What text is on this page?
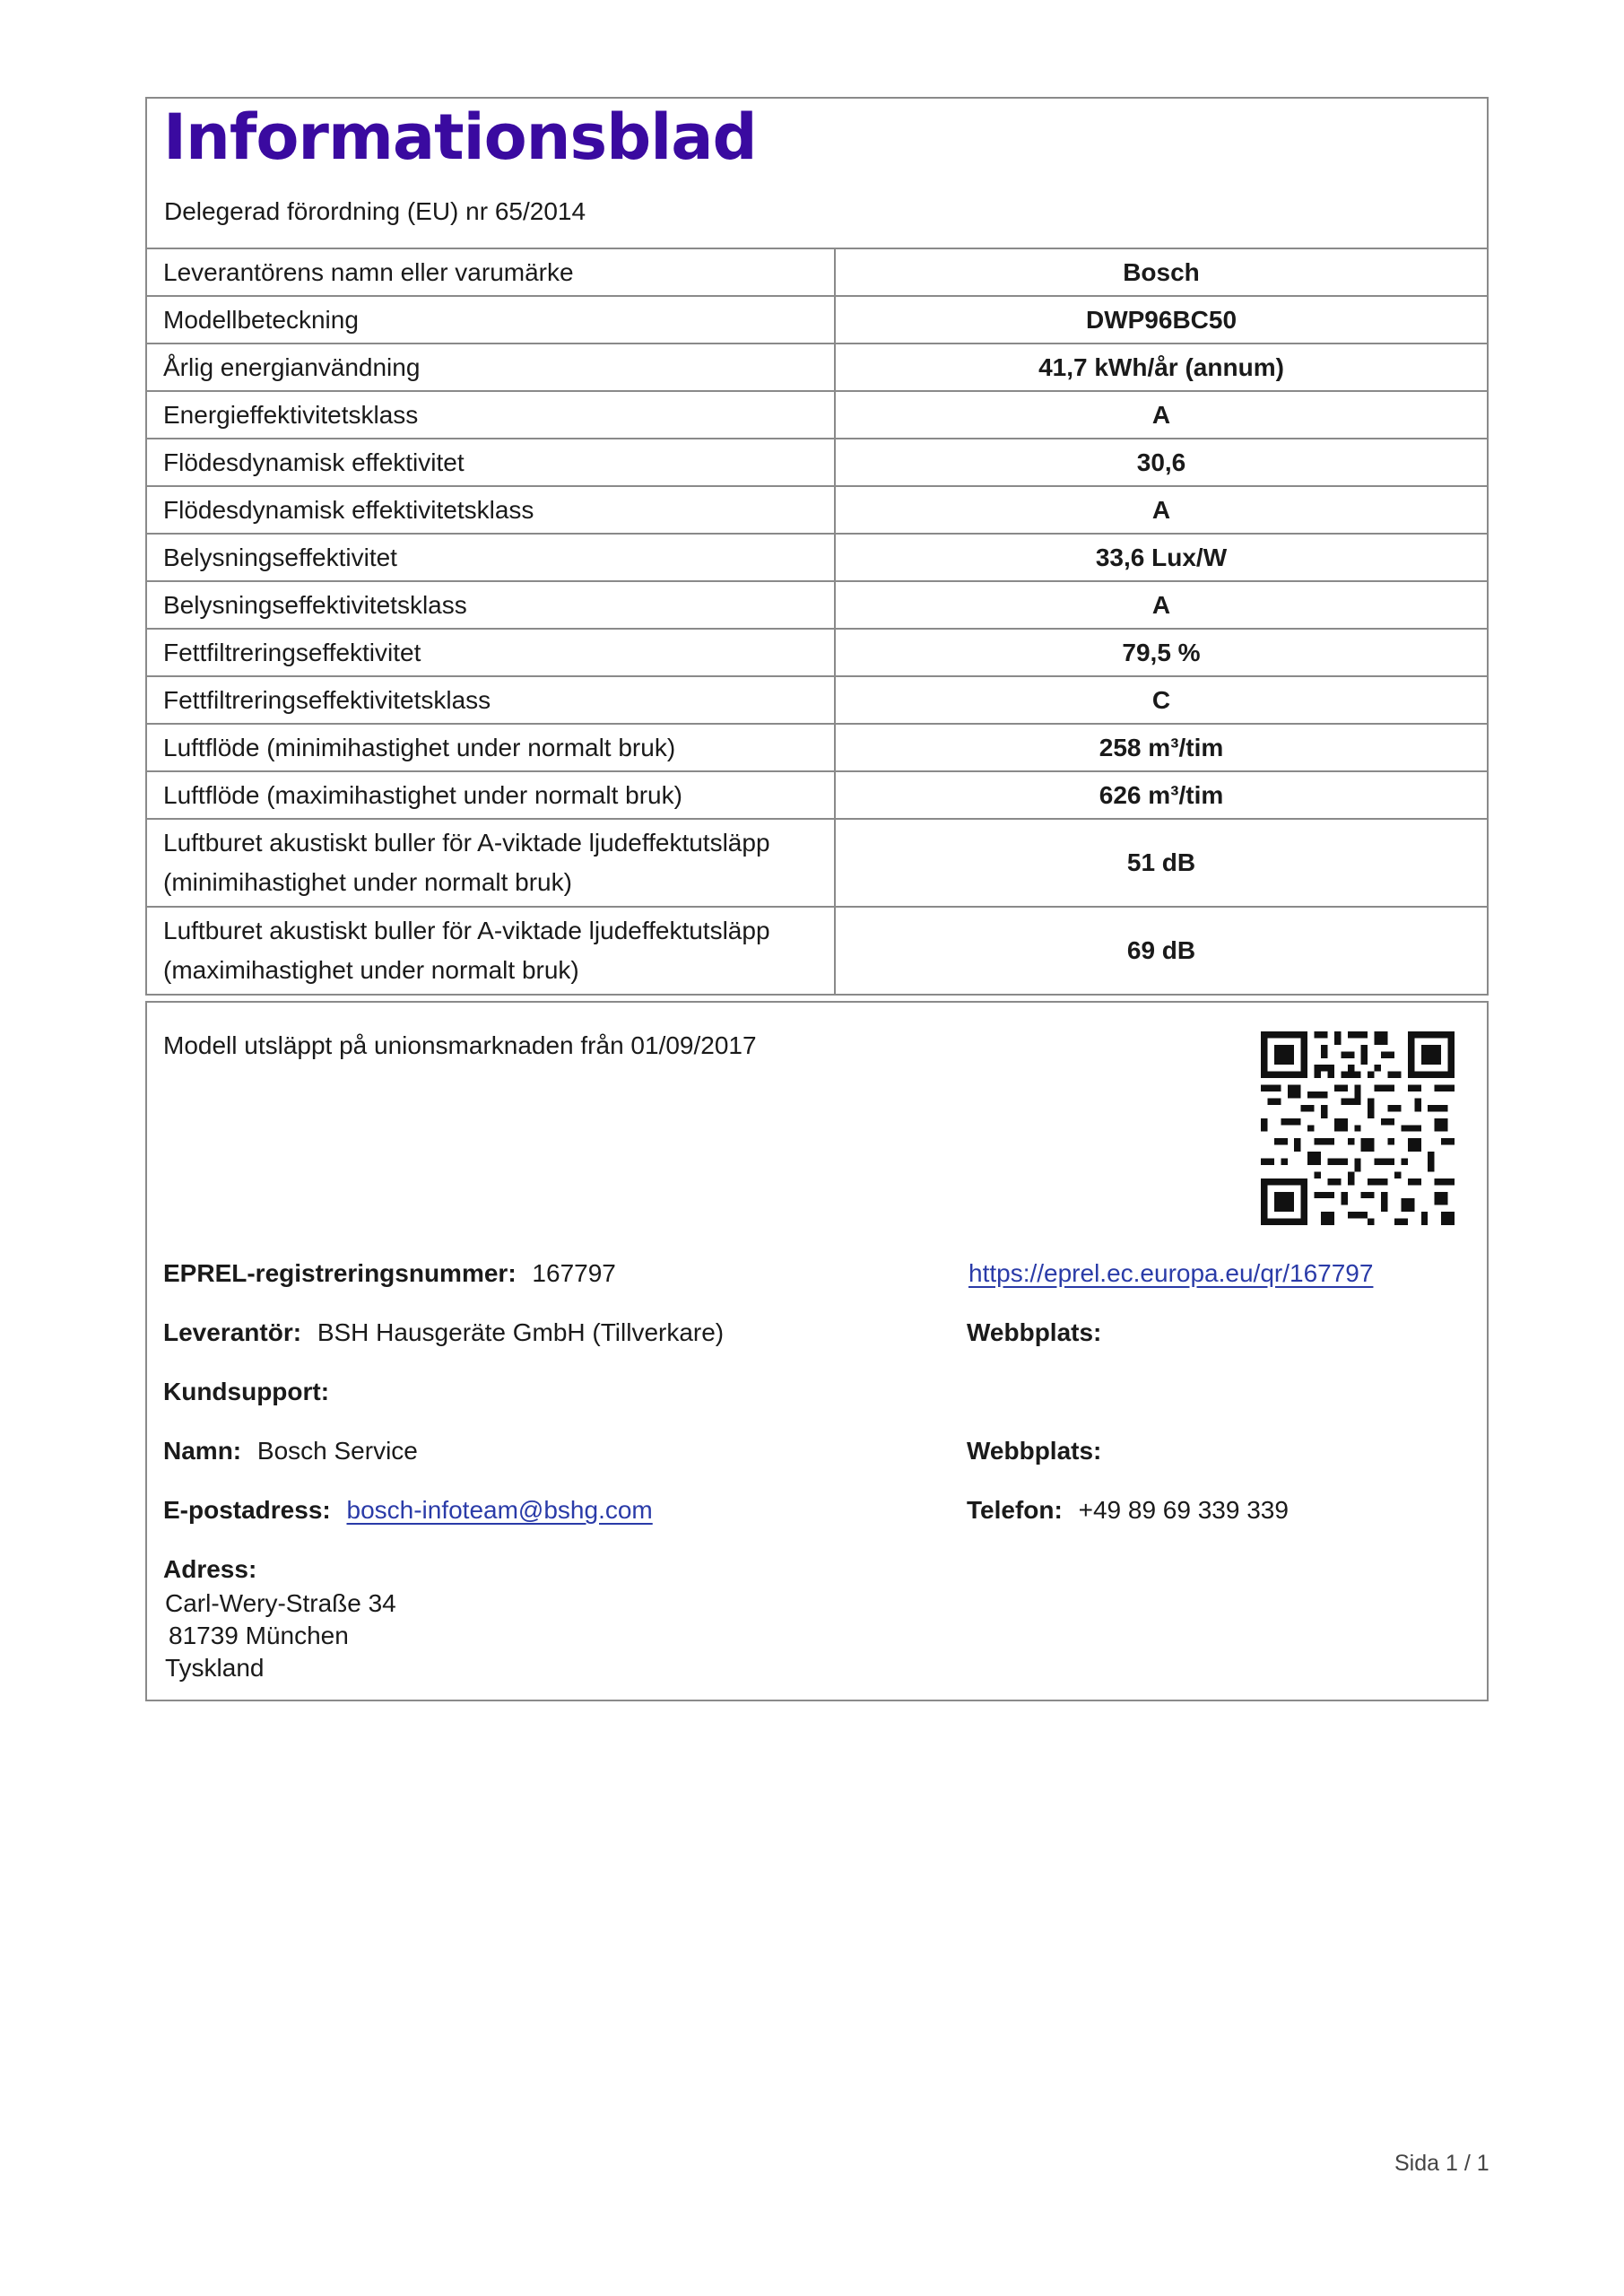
Informationsblad
Delegerad förordning (EU) nr 65/2014
Leverantörens namn eller varumärke	Bosch
Modellbeteckning	DWP96BC50
Årlig energianvändning	41,7 kWh/år (annum)
Energieffektivitetsklass	A
Flödesdynamisk effektivitet	30,6
Flödesdynamisk effektivitetsklass	A
Belysningseffektivitet	33,6 Lux/W
Belysningseffektivitetsklass	A
Fettfiltreringseffektivitet	79,5 %
Fettfiltreringseffektivitetsklass	C
Luftflöde (minimihastighet under normalt bruk)	258 m³/tim
Luftflöde (maximihastighet under normalt bruk)	626 m³/tim

Luftburet akustiskt buller för A-viktade ljudeffektutsläpp
(minimihastighet under normalt bruk)	51 dB

Luftburet akustiskt buller för A-viktade ljudeffektutsläpp
(maximihastighet under normalt bruk)	69 dB
Modell utsläppt på unionsmarknaden från 01/09/2017
EPREL-registreringsnummer: 167797	https://eprel.ec.europa.eu/qr/167797
Leverantör: BSH Hausgeräte GmbH (Tillverkare)	Webbplats:
Kundsupport:
Namn: Bosch Service	Webbplats:
E-postadress: bosch-infoteam@bshg.com	Telefon: +49 89 69 339 339
Adress:
Carl-Wery-Straße 34
81739 München
Tyskland
Sida 1 / 1
